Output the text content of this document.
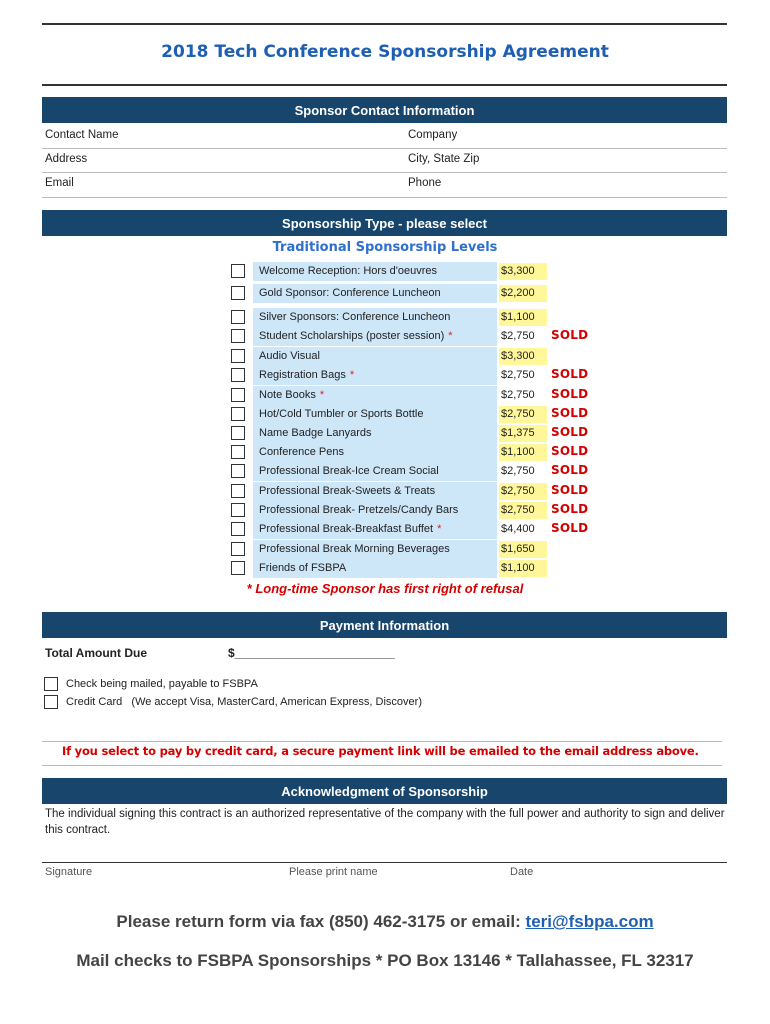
2018 Tech Conference Sponsorship Agreement
Sponsor Contact Information
Contact Name	Company
Address	City, State Zip
Email	Phone
Sponsorship Type - please select
Traditional Sponsorship Levels
Welcome Reception: Hors d'oeuvres	$3,300
Gold Sponsor: Conference Luncheon	$2,200
Silver Sponsors: Conference Luncheon	$1,100
Student Scholarships (poster session) *	$2,750	SOLD
Audio Visual	$3,300
Registration Bags *	$2,750	SOLD
Note Books *	$2,750	SOLD
Hot/Cold Tumbler or Sports Bottle	$2,750	SOLD
Name Badge Lanyards	$1,375	SOLD
Conference Pens	$1,100	SOLD
Professional Break-Ice Cream Social	$2,750	SOLD
Professional Break-Sweets & Treats	$2,750	SOLD
Professional Break- Pretzels/Candy Bars	$2,750	SOLD
Professional Break-Breakfast Buffet *	$4,400	SOLD
Professional Break Morning Beverages	$1,650
Friends of FSBPA	$1,100
* Long-time Sponsor has first right of refusal
Payment Information
Total Amount Due	$________________________
Check being mailed, payable to FSBPA
Credit Card   (We accept Visa, MasterCard, American Express, Discover)
If you select to pay by credit card, a secure payment link will be emailed to the email address above.
Acknowledgment of Sponsorship
The individual signing this contract is an authorized representative of the company with the full power and authority to sign and deliver this contract.
Signature	Please print name	Date
Please return form via fax (850) 462-3175 or email: teri@fsbpa.com
Mail checks to FSBPA Sponsorships * PO Box 13146 * Tallahassee, FL 32317
